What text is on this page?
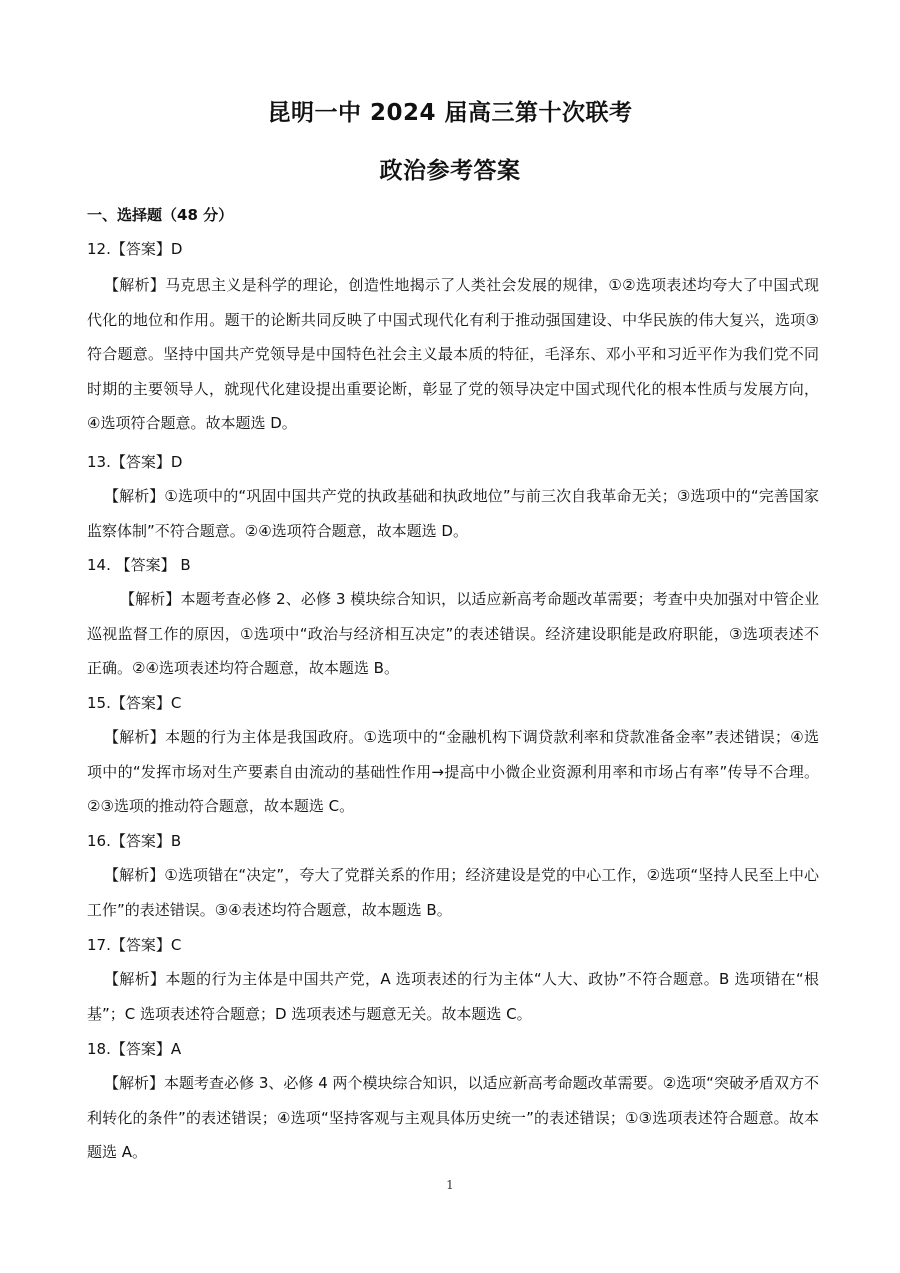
昆明一中 2024 届高三第十次联考
政治参考答案

一、选择题（48 分）

12.【答案】D

【解析】马克思主义是科学的理论，创造性地揭示了人类社会发展的规律，①②选项表述均夸大了中国式现代化的地位和作用。题干的论断共同反映了中国式现代化有利于推动强国建设、中华民族的伟大复兴，选项③符合题意。坚持中国共产党领导是中国特色社会主义最本质的特征，毛泽东、邓小平和习近平作为我们党不同时期的主要领导人，就现代化建设提出重要论断，彰显了党的领导决定中国式现代化的根本性质与发展方向，④选项符合题意。故本题选 D。

13.【答案】D

【解析】①选项中的“巩固中国共产党的执政基础和执政地位”与前三次自我革命无关；③选项中的“完善国家监察体制”不符合题意。②④选项符合题意，故本题选 D。

14. 【答案】 B

【解析】本题考查必修 2、必修 3 模块综合知识，以适应新高考命题改革需要；考查中央加强对中管企业巡视监督工作的原因，①选项中“政治与经济相互决定”的表述错误。经济建设职能是政府职能，③选项表述不正确。②④选项表述均符合题意，故本题选 B。

15.【答案】C

【解析】本题的行为主体是我国政府。①选项中的“金融机构下调贷款利率和贷款准备金率”表述错误；④选项中的“发挥市场对生产要素自由流动的基础性作用→提高中小微企业资源利用率和市场占有率”传导不合理。②③选项的推动符合题意，故本题选 C。

16.【答案】B

【解析】①选项错在“决定”，夸大了党群关系的作用；经济建设是党的中心工作，②选项“坚持人民至上中心工作”的表述错误。③④表述均符合题意，故本题选 B。

17.【答案】C

【解析】本题的行为主体是中国共产党，A 选项表述的行为主体“人大、政协”不符合题意。B 选项错在“根基”；C 选项表述符合题意；D 选项表述与题意无关。故本题选 C。

18.【答案】A

【解析】本题考查必修 3、必修 4 两个模块综合知识，以适应新高考命题改革需要。②选项“突破矛盾双方不利转化的条件”的表述错误；④选项“坚持客观与主观具体历史统一”的表述错误；①③选项表述符合题意。故本题选 A。

1
